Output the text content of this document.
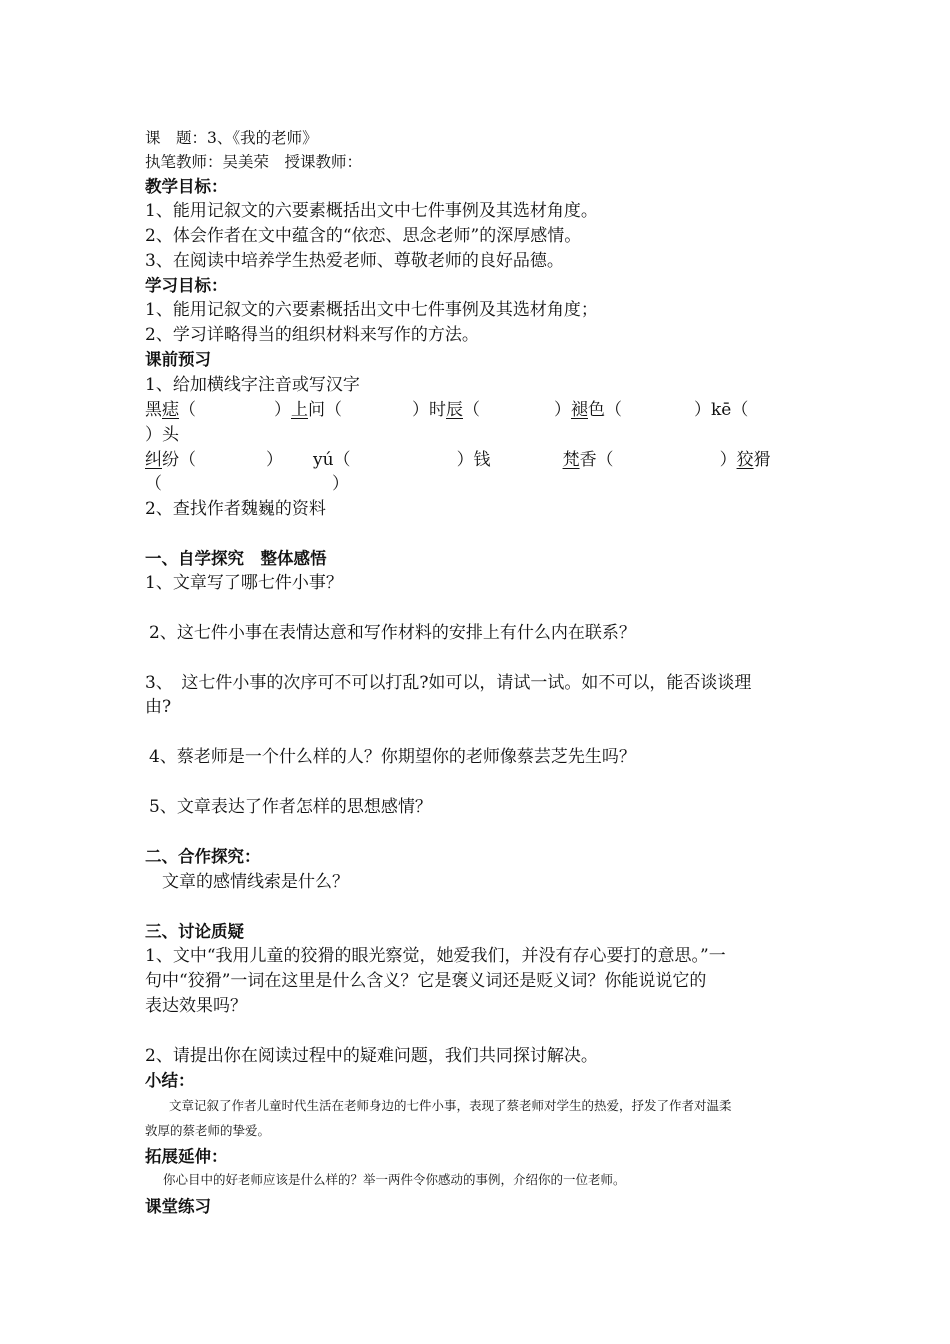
课　题：3、《我的老师》
执笔教师：吴美荣　授课教师：
教学目标：
1、能用记叙文的六要素概括出文中七件事例及其选材角度。
2、体会作者在文中蕴含的“依恋、思念老师”的深厚感情。
3、在阅读中培养学生热爱老师、尊敬老师的良好品德。
学习目标：
1、能用记叙文的六要素概括出文中七件事例及其选材角度；
2、学习详略得当的组织材料来写作的方法。
课前预习
1、给加横线字注音或写汉字
黑痣（	）上问（	）时辰（	）褪色（	）kē（
）头
纠纷（	） yú（	）钱	梵香（	）狡猾
（　　　　　　　　　　）
2、查找作者魏巍的资料
一、自学探究　整体感悟
1、文章写了哪七件小事？
2、这七件小事在表情达意和写作材料的安排上有什么内在联系？
3、　这七件小事的次序可不可以打乱?如可以，请试一试。如不可以，能否谈谈理
由?
4、蔡老师是一个什么样的人？你期望你的老师像蔡芸芝先生吗？
5、文章表达了作者怎样的思想感情？
二、合作探究：
文章的感情线索是什么？
三、讨论质疑
1、文中“我用儿童的狡猾的眼光察觉，她爱我们，并没有存心要打的意思。”一
句中“狡猾”一词在这里是什么含义？它是褒义词还是贬义词？你能说说它的
表达效果吗？
2、请提出你在阅读过程中的疑难问题，我们共同探讨解决。
小结：
文章记叙了作者儿童时代生活在老师身边的七件小事，表现了蔡老师对学生的热爱，抒发了作者对温柔
敦厚的蔡老师的挚爱。
拓展延伸：
你心目中的好老师应该是什么样的？举一两件令你感动的事例，介绍你的一位老师。
课堂练习
